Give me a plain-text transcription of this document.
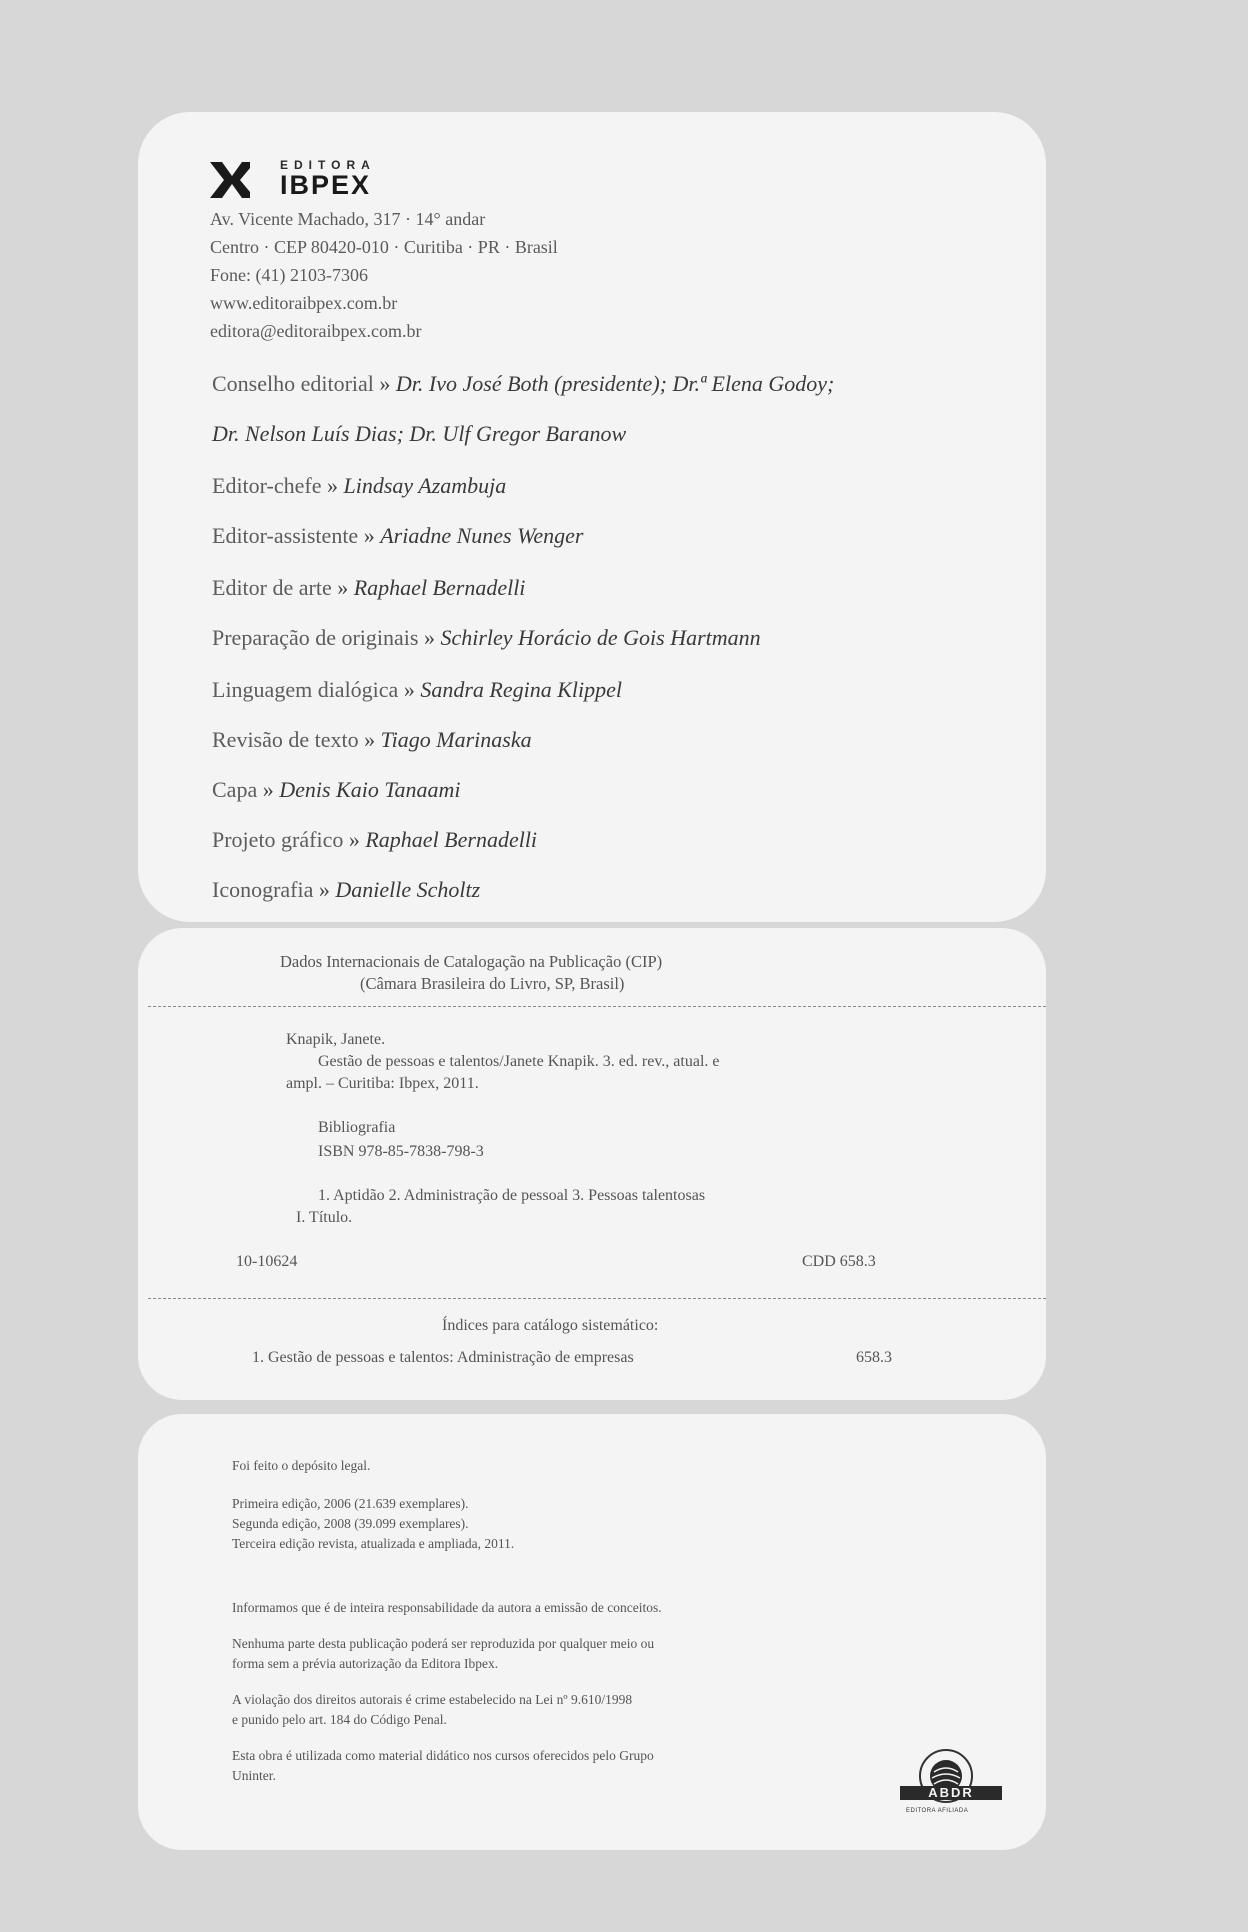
EDITORA
IBPEX
Av. Vicente Machado, 317 · 14° andar
Centro · CEP 80420-010 · Curitiba · PR · Brasil
Fone: (41) 2103-7306
www.editoraibpex.com.br
editora@editoraibpex.com.br
Conselho editorial » Dr. Ivo José Both (presidente); Dr.ª Elena Godoy;
Dr. Nelson Luís Dias; Dr. Ulf Gregor Baranow
Editor-chefe » Lindsay Azambuja
Editor-assistente » Ariadne Nunes Wenger
Editor de arte » Raphael Bernadelli
Preparação de originais » Schirley Horácio de Gois Hartmann
Linguagem dialógica » Sandra Regina Klippel
Revisão de texto » Tiago Marinaska
Capa » Denis Kaio Tanaami
Projeto gráfico » Raphael Bernadelli
Iconografia » Danielle Scholtz
Dados Internacionais de Catalogação na Publicação (CIP)
(Câmara Brasileira do Livro, SP, Brasil)
Knapik, Janete.
Gestão de pessoas e talentos/Janete Knapik. 3. ed. rev., atual. e
ampl. – Curitiba: Ibpex, 2011.
Bibliografia
ISBN 978-85-7838-798-3
1. Aptidão 2. Administração de pessoal 3. Pessoas talentosas
I. Título.
10-10624	CDD 658.3
Índices para catálogo sistemático:
1. Gestão de pessoas e talentos: Administração de empresas	658.3
Foi feito o depósito legal.
Primeira edição, 2006 (21.639 exemplares).
Segunda edição, 2008 (39.099 exemplares).
Terceira edição revista, atualizada e ampliada, 2011.
Informamos que é de inteira responsabilidade da autora a emissão de conceitos.
Nenhuma parte desta publicação poderá ser reproduzida por qualquer meio ou
forma sem a prévia autorização da Editora Ibpex.
A violação dos direitos autorais é crime estabelecido na Lei nº 9.610/1998
e punido pelo art. 184 do Código Penal.
Esta obra é utilizada como material didático nos cursos oferecidos pelo Grupo
Uninter.
ABDR
EDITORA AFILIADA
